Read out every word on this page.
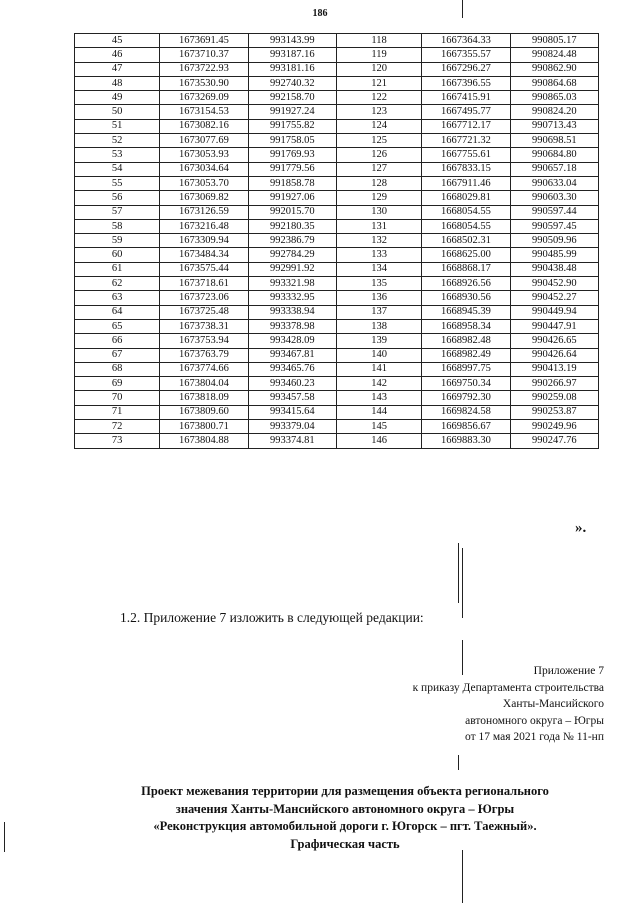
186
45	1673691.45	993143.99	118	1667364.33	990805.17
46	1673710.37	993187.16	119	1667355.57	990824.48
47	1673722.93	993181.16	120	1667296.27	990862.90
48	1673530.90	992740.32	121	1667396.55	990864.68
49	1673269.09	992158.70	122	1667415.91	990865.03
50	1673154.53	991927.24	123	1667495.77	990824.20
51	1673082.16	991755.82	124	1667712.17	990713.43
52	1673077.69	991758.05	125	1667721.32	990698.51
53	1673053.93	991769.93	126	1667755.61	990684.80
54	1673034.64	991779.56	127	1667833.15	990657.18
55	1673053.70	991858.78	128	1667911.46	990633.04
56	1673069.82	991927.06	129	1668029.81	990603.30
57	1673126.59	992015.70	130	1668054.55	990597.44
58	1673216.48	992180.35	131	1668054.55	990597.45
59	1673309.94	992386.79	132	1668502.31	990509.96
60	1673484.34	992784.29	133	1668625.00	990485.99
61	1673575.44	992991.92	134	1668868.17	990438.48
62	1673718.61	993321.98	135	1668926.56	990452.90
63	1673723.06	993332.95	136	1668930.56	990452.27
64	1673725.48	993338.94	137	1668945.39	990449.94
65	1673738.31	993378.98	138	1668958.34	990447.91
66	1673753.94	993428.09	139	1668982.48	990426.65
67	1673763.79	993467.81	140	1668982.49	990426.64
68	1673774.66	993465.76	141	1668997.75	990413.19
69	1673804.04	993460.23	142	1669750.34	990266.97
70	1673818.09	993457.58	143	1669792.30	990259.08
71	1673809.60	993415.64	144	1669824.58	990253.87
72	1673800.71	993379.04	145	1669856.67	990249.96
73	1673804.88	993374.81	146	1669883.30	990247.76
».
1.2. Приложение 7 изложить в следующей редакции:
Приложение 7
к приказу Департамента строительства
Ханты-Мансийского
автономного округа – Югры
от 17 мая 2021 года № 11-нп
Проект межевания территории для размещения объекта регионального
значения Ханты-Мансийского автономного округа – Югры
«Реконструкция автомобильной дороги г. Югорск – пгт. Таежный».
Графическая часть
